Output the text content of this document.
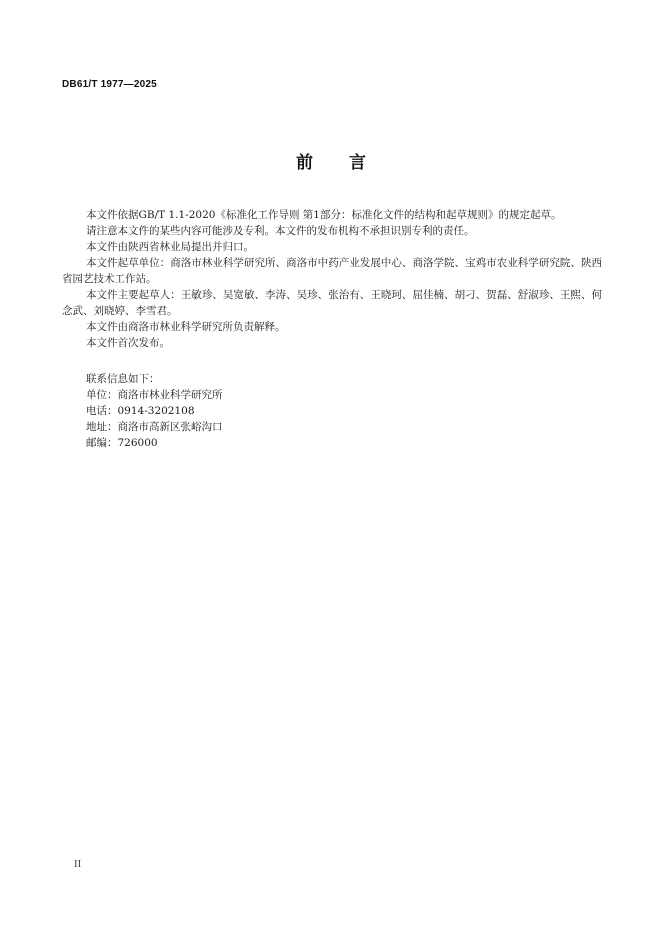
DB61/T 1977—2025
前 言

本文件依据GB/T 1.1-2020《标准化工作导则 第1部分：标准化文件的结构和起草规则》的规定起草。

请注意本文件的某些内容可能涉及专利。本文件的发布机构不承担识别专利的责任。

本文件由陕西省林业局提出并归口。

本文件起草单位：商洛市林业科学研究所、商洛市中药产业发展中心、商洛学院、宝鸡市农业科学研究院、陕西省园艺技术工作站。

本文件主要起草人：王敏珍、吴宽敏、李涛、吴珍、张治有、王晓珂、屈佳楠、胡刁、贺磊、舒淑珍、王熙、何念武、刘晓婷、李雪君。

本文件由商洛市林业科学研究所负责解释。

本文件首次发布。

联系信息如下：

单位：商洛市林业科学研究所

电话：0914-3202108

地址：商洛市高新区张峪沟口

邮编：726000

II
